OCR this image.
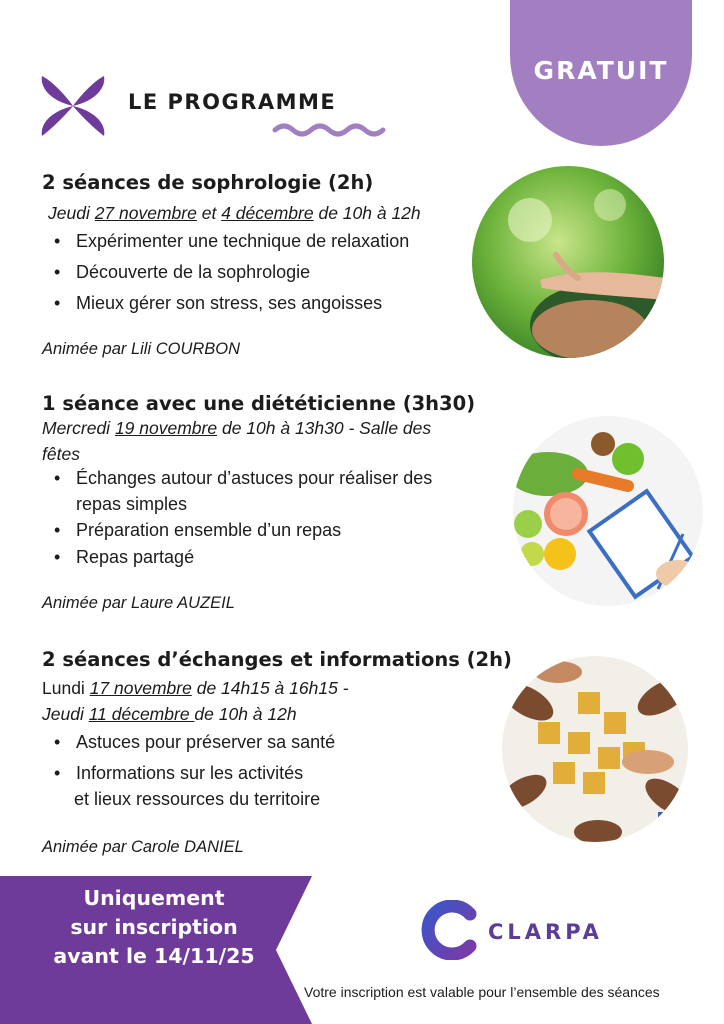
GRATUIT
LE PROGRAMME
2 séances de sophrologie (2h)
Jeudi 27 novembre et 4 décembre de 10h à 12h
• Expérimenter une technique de relaxation
• Découverte de la sophrologie
• Mieux gérer son stress, ses angoisses
Animée par Lili COURBON
1 séance avec une diététicienne (3h30)
Mercredi 19 novembre de 10h à 13h30 - Salle des
fêtes
• Échanges autour d’astuces pour réaliser des
repas simples
• Préparation ensemble d’un repas
• Repas partagé
Animée par Laure AUZEIL
2 séances d’échanges et informations (2h)
Lundi 17 novembre de 14h15 à 16h15 -
Jeudi 11 décembre de 10h à 12h
• Astuces pour préserver sa santé
• Informations sur les activités
et lieux ressources du territoire
Animée par Carole DANIEL
Uniquement
sur inscription
avant le 14/11/25
CLARPA
Votre inscription est valable pour l’ensemble des séances
